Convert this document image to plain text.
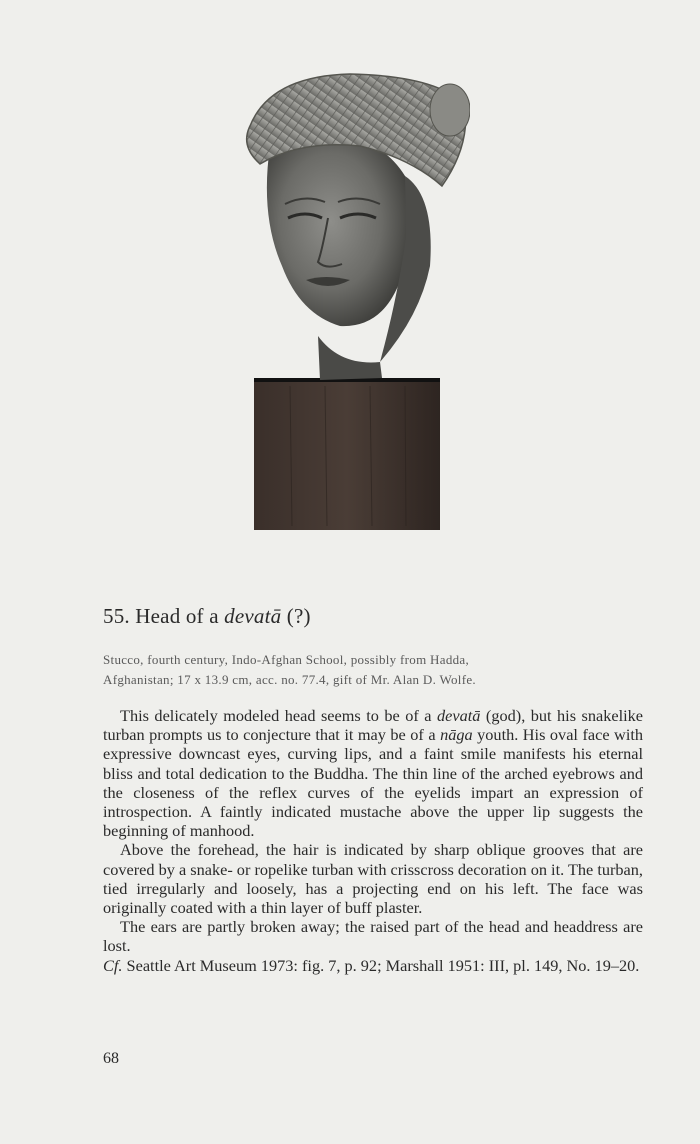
55. Head of a devatā (?)
Stucco, fourth century, Indo-Afghan School, possibly from Hadda,
Afghanistan; 17 x 13.9 cm, acc. no. 77.4, gift of Mr. Alan D. Wolfe.

This delicately modeled head seems to be of a devatā (god), but his snakelike turban prompts us to conjecture that it may be of a nāga youth. His oval face with expressive downcast eyes, curving lips, and a faint smile manifests his eternal bliss and total dedication to the Buddha. The thin line of the arched eyebrows and the closeness of the reflex curves of the eyelids impart an expression of introspection. A faintly indicated mustache above the upper lip suggests the beginning of manhood.

Above the forehead, the hair is indicated by sharp oblique grooves that are covered by a snake- or ropelike turban with crisscross decoration on it. The turban, tied irregularly and loosely, has a projecting end on his left. The face was originally coated with a thin layer of buff plaster.

The ears are partly broken away; the raised part of the head and headdress are lost.

Cf. Seattle Art Museum 1973: fig. 7, p. 92; Marshall 1951: III, pl. 149, No. 19–20.

68
